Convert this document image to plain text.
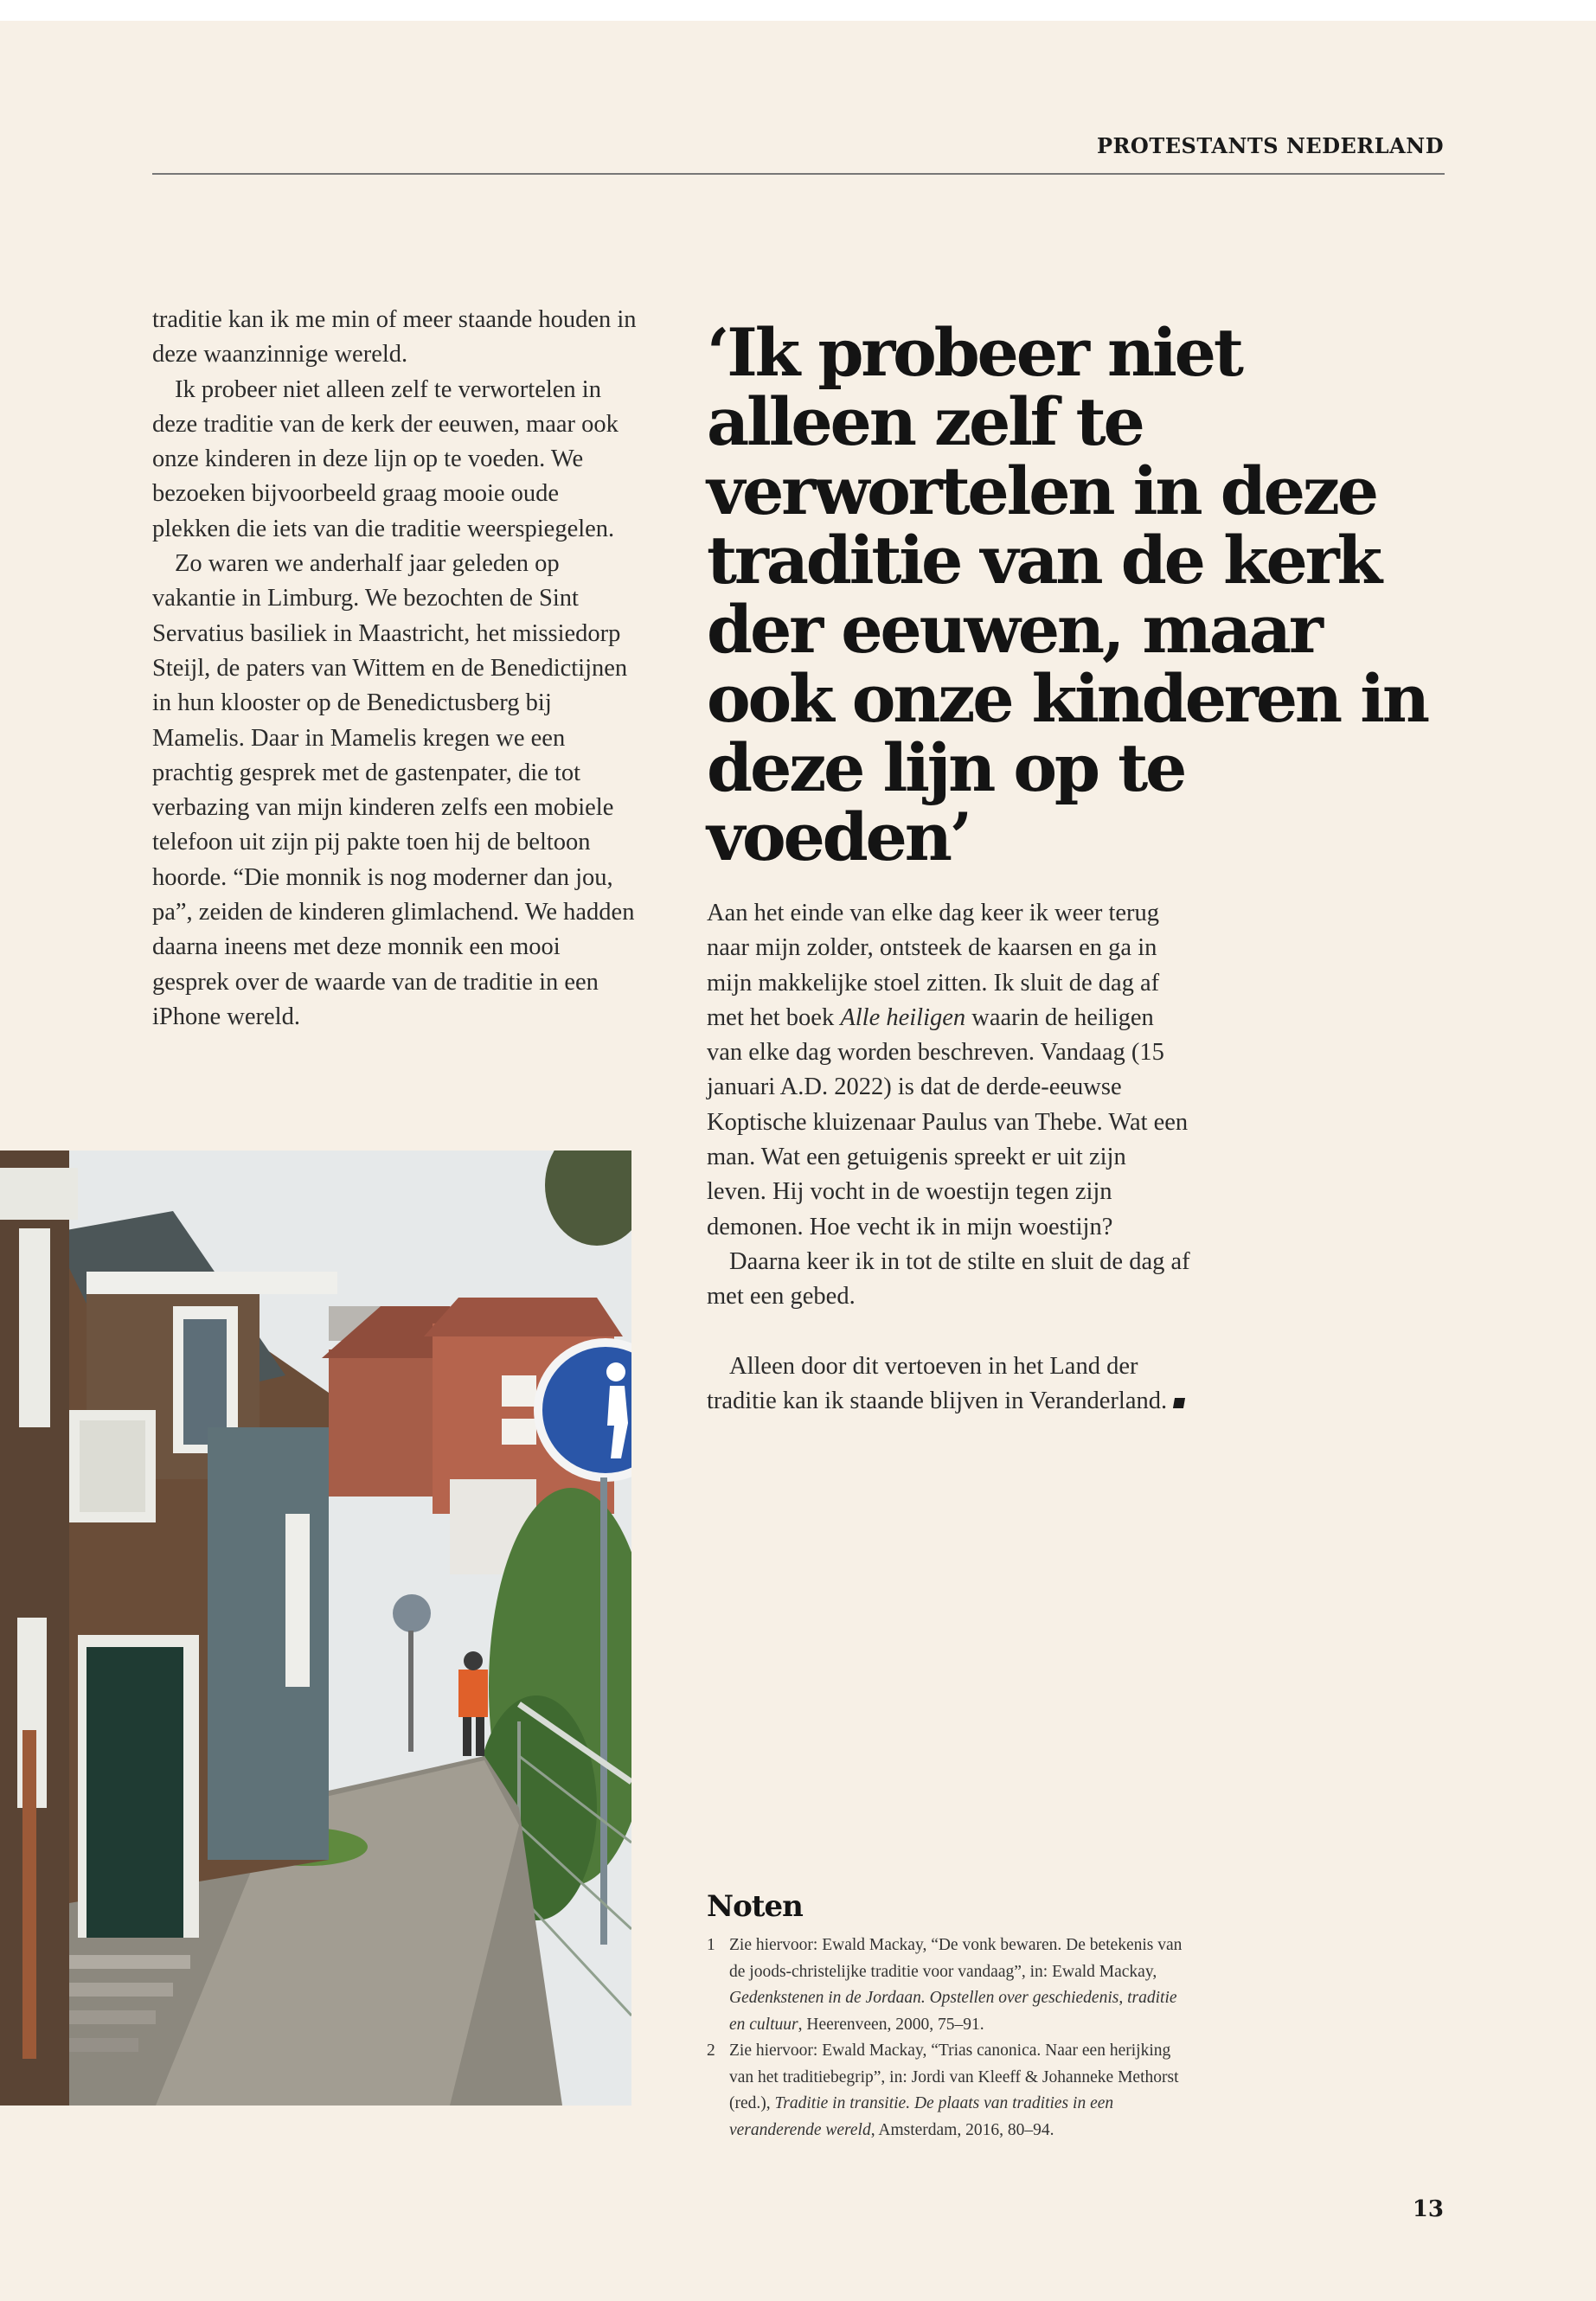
PROTESTANTS NEDERLAND

traditie kan ik me min of meer staande houden in deze waanzinnige wereld.

Ik probeer niet alleen zelf te verwortelen in deze traditie van de kerk der eeuwen, maar ook onze kinderen in deze lijn op te voeden. We bezoeken bijvoorbeeld graag mooie oude plekken die iets van die traditie weerspiegelen.

Zo waren we anderhalf jaar geleden op vakantie in Limburg. We bezochten de Sint Servatius basiliek in Maastricht, het missiedorp Steijl, de paters van Wittem en de Benedictijnen in hun klooster op de Benedictusberg bij Mamelis. Daar in Mamelis kregen we een prachtig gesprek met de gastenpater, die tot verbazing van mijn kinderen zelfs een mobiele telefoon uit zijn pij pakte toen hij de beltoon hoorde. “Die monnik is nog moderner dan jou, pa”, zeiden de kinderen glimlachend. We hadden daarna ineens met deze monnik een mooi gesprek over de waarde van de traditie in een iPhone wereld.

‘Ik probeer niet alleen zelf te verwortelen in deze traditie van de kerk der eeuwen, maar ook onze kinderen in deze lijn op te voeden’

Aan het einde van elke dag keer ik weer terug naar mijn zolder, ontsteek de kaarsen en ga in mijn makkelijke stoel zitten. Ik sluit de dag af met het boek Alle heiligen waarin de heiligen van elke dag worden beschreven. Vandaag (15 januari A.D. 2022) is dat de derde-eeuwse Koptische kluizenaar Paulus van Thebe. Wat een man. Wat een getuigenis spreekt er uit zijn leven. Hij vocht in de woestijn tegen zijn demonen. Hoe vecht ik in mijn woestijn?

Daarna keer ik in tot de stilte en sluit de dag af met een gebed.

Alleen door dit vertoeven in het Land der traditie kan ik staande blijven in Veranderland.

Noten
1 Zie hiervoor: Ewald Mackay, “De vonk bewaren. De betekenis van de joods-christelijke traditie voor vandaag”, in: Ewald Mackay, Gedenkstenen in de Jordaan. Opstellen over geschiedenis, traditie en cultuur, Heerenveen, 2000, 75–91.
2 Zie hiervoor: Ewald Mackay, “Trias canonica. Naar een herijking van het traditiebegrip”, in: Jordi van Kleeff & Johanneke Methorst (red.), Traditie in transitie. De plaats van tradities in een veranderende wereld, Amsterdam, 2016, 80–94.
13
